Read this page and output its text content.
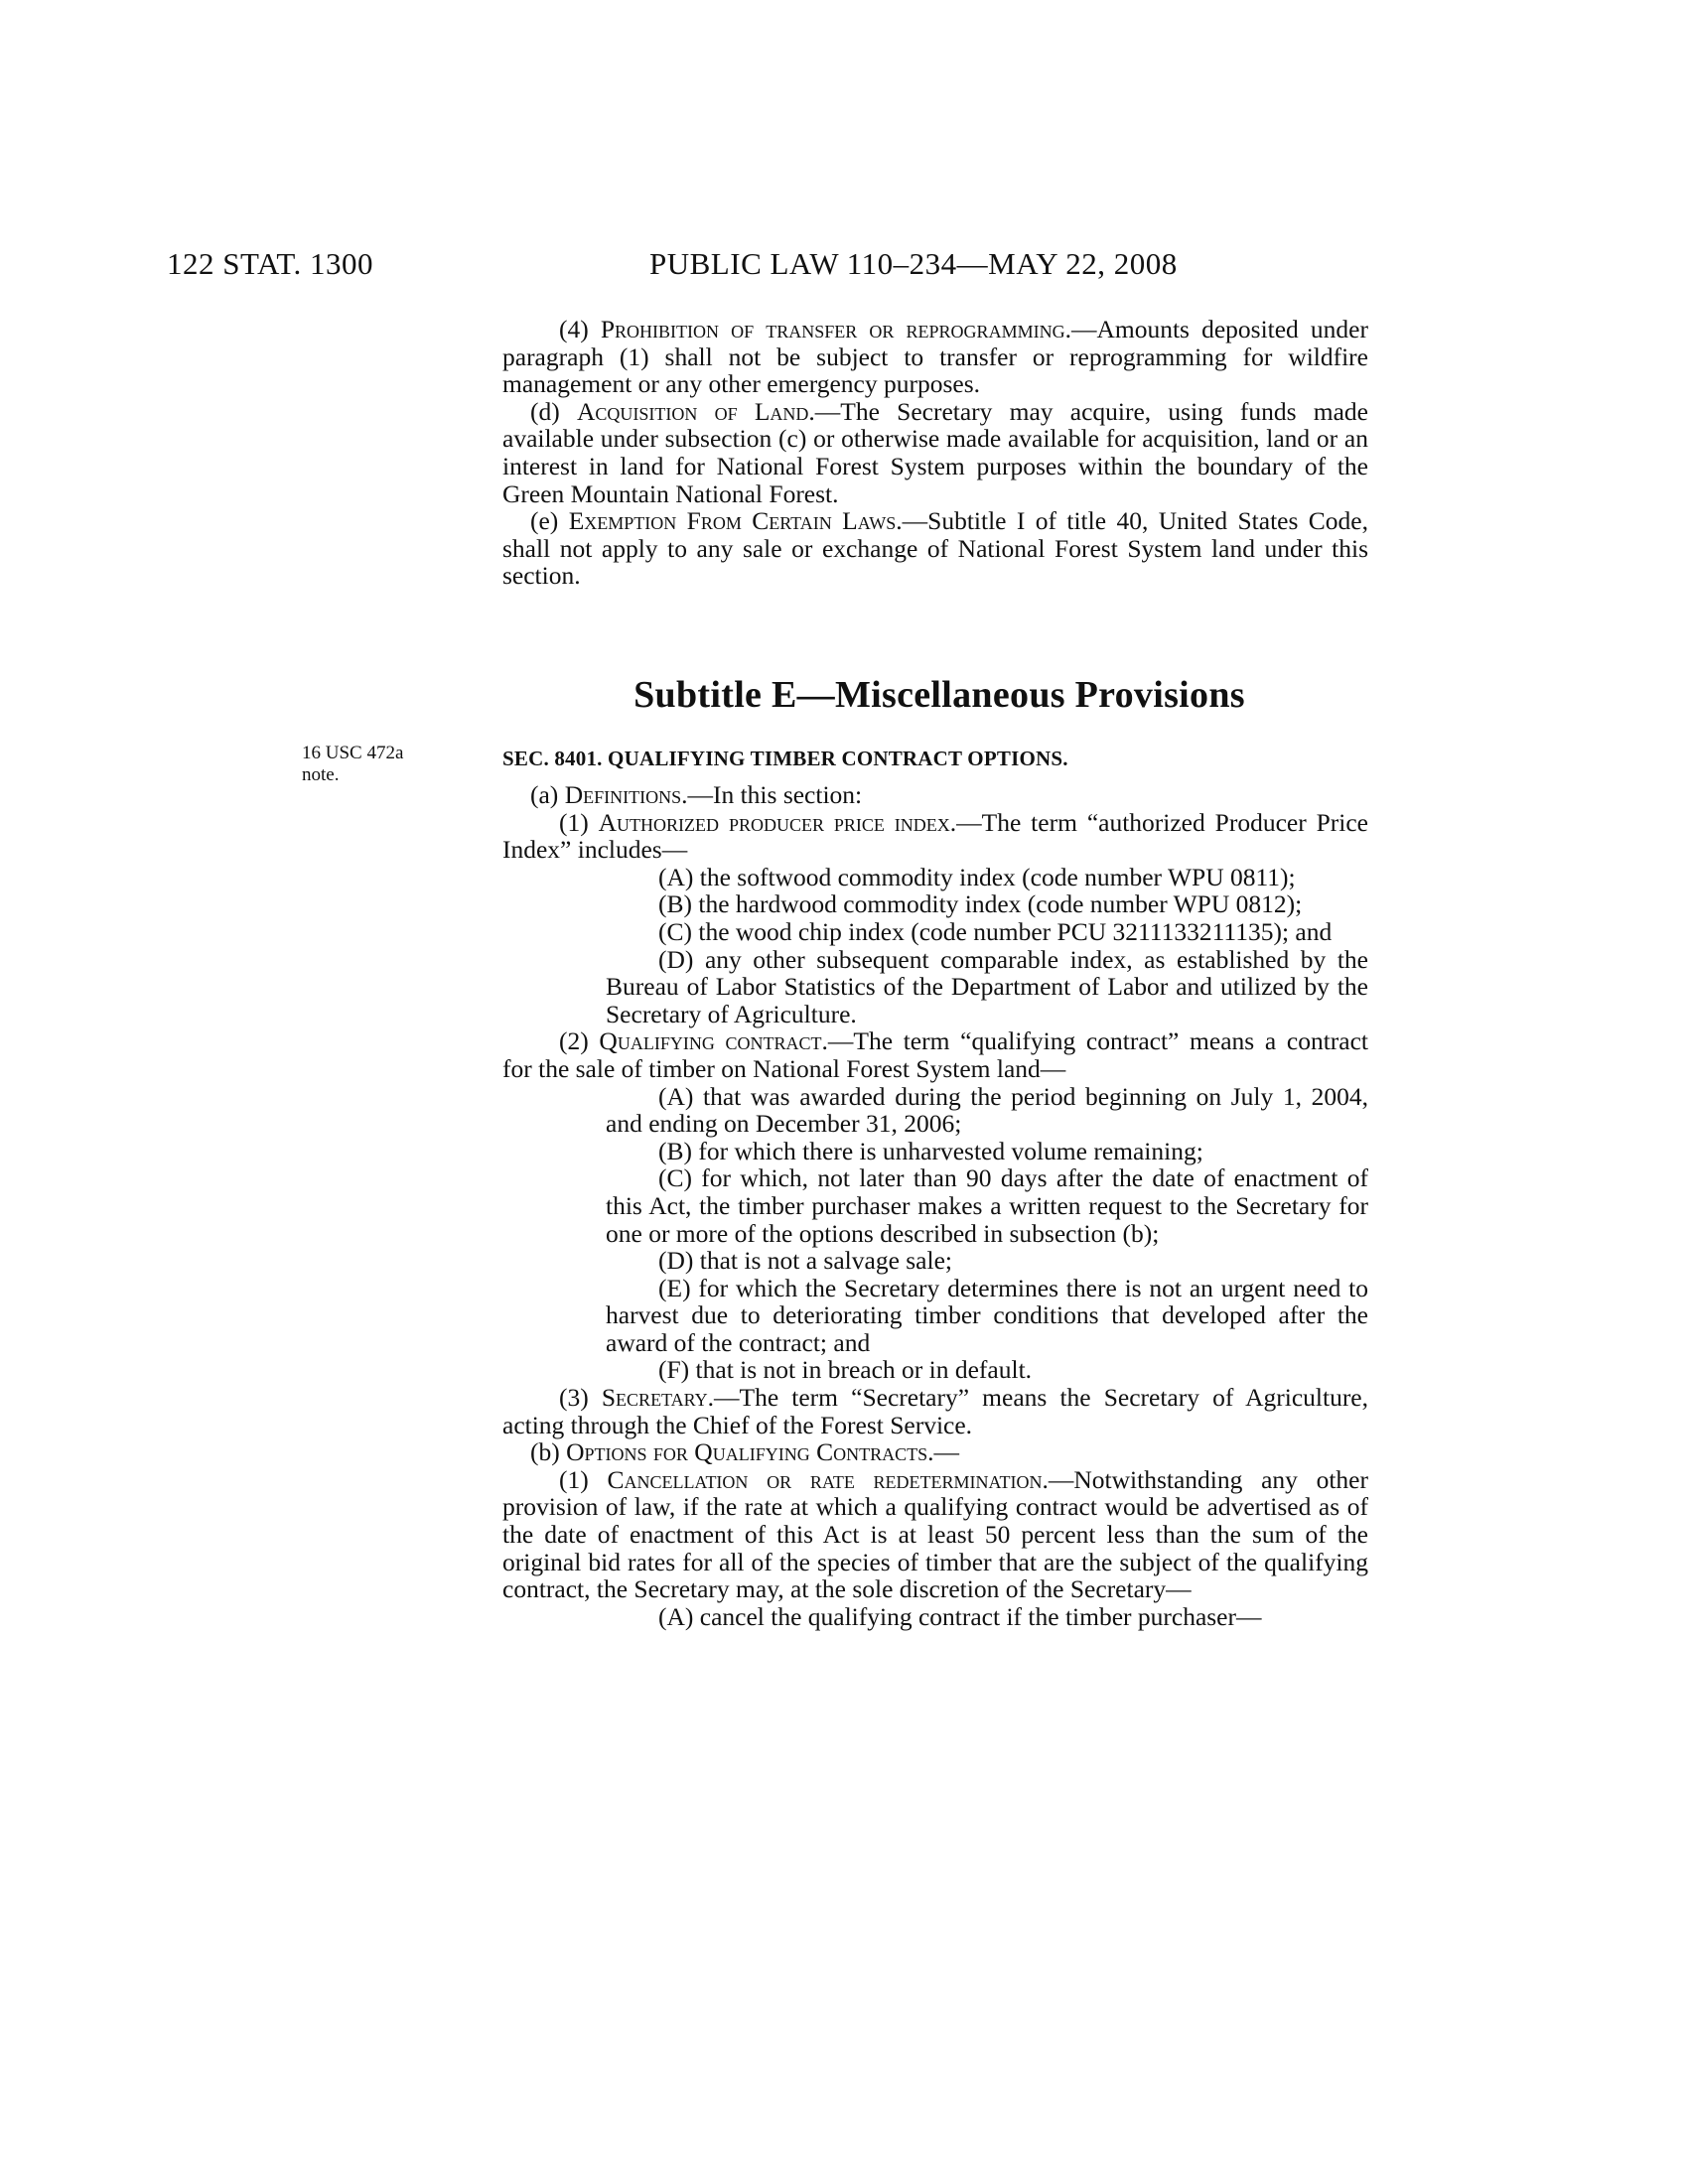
122 STAT. 1300	PUBLIC LAW 110–234—MAY 22, 2008

(4) Prohibition of transfer or reprogramming.—Amounts deposited under paragraph (1) shall not be subject to transfer or reprogramming for wildfire management or any other emergency purposes.

(d) Acquisition of Land.—The Secretary may acquire, using funds made available under subsection (c) or otherwise made available for acquisition, land or an interest in land for National Forest System purposes within the boundary of the Green Mountain National Forest.

(e) Exemption From Certain Laws.—Subtitle I of title 40, United States Code, shall not apply to any sale or exchange of National Forest System land under this section.

Subtitle E—Miscellaneous Provisions
16 USC 472a
note.
SEC. 8401. QUALIFYING TIMBER CONTRACT OPTIONS.

(a) Definitions.—In this section:

(1) Authorized producer price index.—The term “authorized Producer Price Index” includes—

(A) the softwood commodity index (code number WPU 0811);

(B) the hardwood commodity index (code number WPU 0812);

(C) the wood chip index (code number PCU 3211133211135); and

(D) any other subsequent comparable index, as established by the Bureau of Labor Statistics of the Department of Labor and utilized by the Secretary of Agriculture.

(2) Qualifying contract.—The term “qualifying contract” means a contract for the sale of timber on National Forest System land—

(A) that was awarded during the period beginning on July 1, 2004, and ending on December 31, 2006;

(B) for which there is unharvested volume remaining;

(C) for which, not later than 90 days after the date of enactment of this Act, the timber purchaser makes a written request to the Secretary for one or more of the options described in subsection (b);

(D) that is not a salvage sale;

(E) for which the Secretary determines there is not an urgent need to harvest due to deteriorating timber conditions that developed after the award of the contract; and

(F) that is not in breach or in default.

(3) Secretary.—The term “Secretary” means the Secretary of Agriculture, acting through the Chief of the Forest Service.

(b) Options for Qualifying Contracts.—

(1) Cancellation or rate redetermination.—Notwithstanding any other provision of law, if the rate at which a qualifying contract would be advertised as of the date of enactment of this Act is at least 50 percent less than the sum of the original bid rates for all of the species of timber that are the subject of the qualifying contract, the Secretary may, at the sole discretion of the Secretary—

(A) cancel the qualifying contract if the timber purchaser—
